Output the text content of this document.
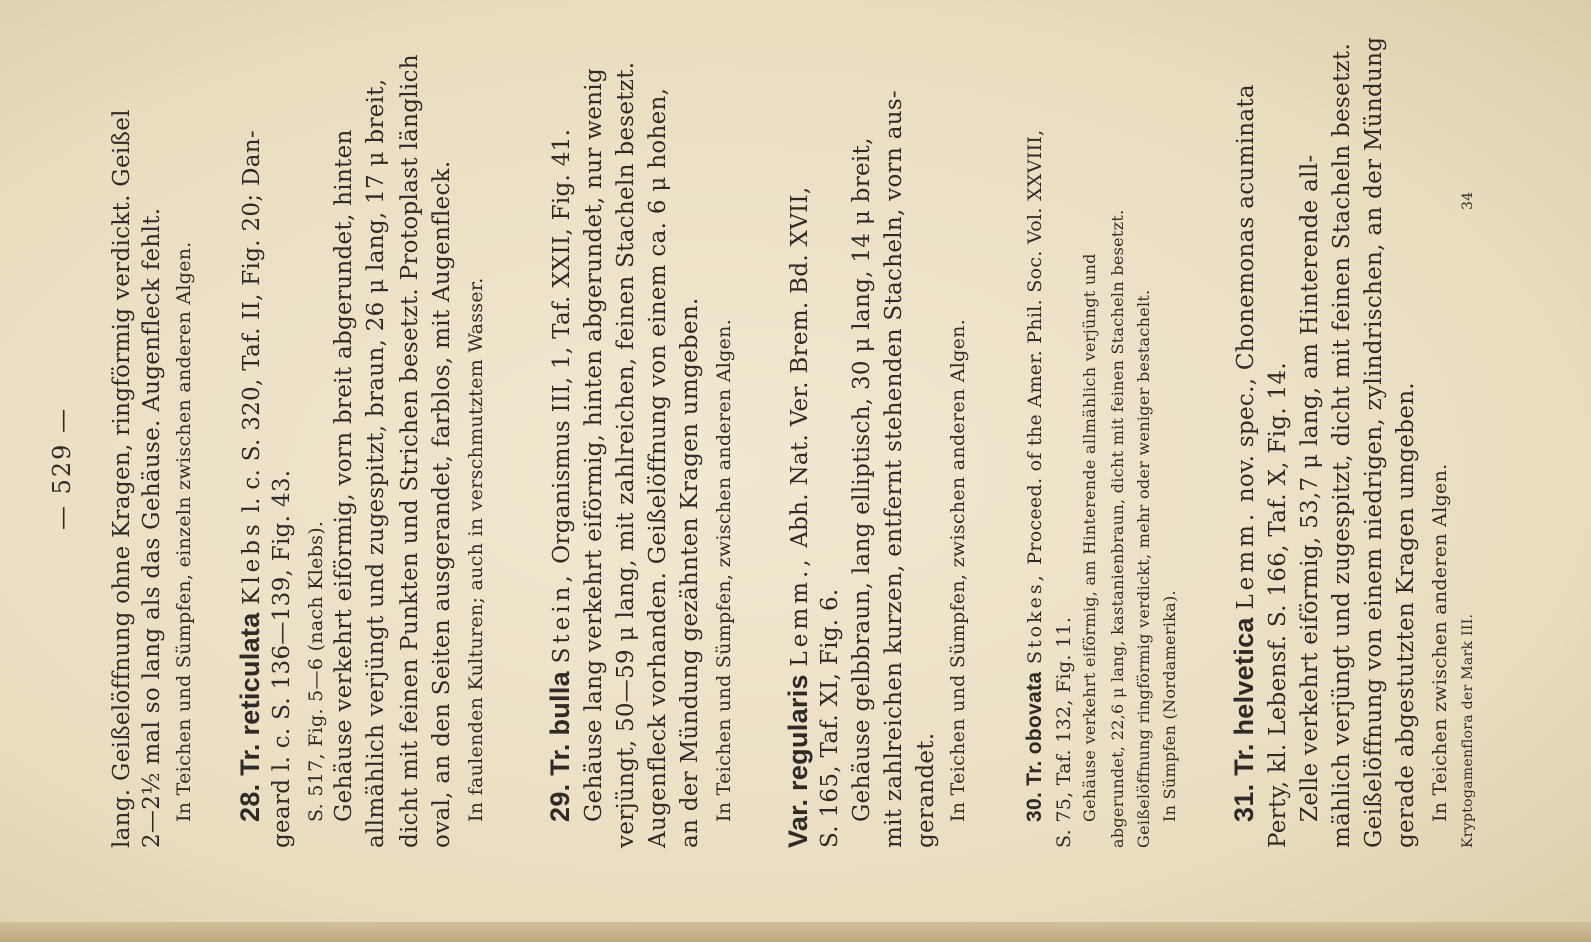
— 529 — lang. Geißelöffnung ohne Kragen, ringförmig verdickt. Geißel 2—2½ mal so lang als das Gehäuse. Augenfleck fehlt. In Teichen und Sümpfen, einzeln zwischen anderen Algen. 28. Tr. reticulata Klebs l. c. S. 320, Taf. II, Fig. 20; Dan-
geard l. c. S. 136—139, Fig. 43. S. 517, Fig. 5—6 (nach Klebs). Gehäuse verkehrt eiförmig, vorn breit abgerundet, hinten allmählich verjüngt und zugespitzt, braun, 26 μ lang, 17 μ breit, dicht mit feinen Punkten und Strichen besetzt. Protoplast länglich oval, an den Seiten ausgerandet, farblos, mit Augenfleck. In faulenden Kulturen; auch in verschmutztem Wasser. 29. Tr. bulla Stein, Organismus III, 1, Taf. XXII, Fig. 41. Gehäuse lang verkehrt eiförmig, hinten abgerundet, nur wenig verjüngt, 50—59 μ lang, mit zahlreichen, feinen Stacheln besetzt. Augenfleck vorhanden. Geißelöffnung von einem ca. 6 μ hohen, an der Mündung gezähnten Kragen umgeben. In Teichen und Sümpfen, zwischen anderen Algen. Var. regularis Lemm., Abh. Nat. Ver. Brem. Bd. XVII,
S. 165, Taf. XI, Fig. 6. Gehäuse gelbbraun, lang elliptisch, 30 μ lang, 14 μ breit, mit zahlreichen kurzen, entfernt stehenden Stacheln, vorn aus- gerandet. In Teichen und Sümpfen, zwischen anderen Algen.	30. Tr. obovata Stokes, Proceed. of the Amer. Phil. Soc. Vol. XXVIII,
S. 75, Taf. 132, Fig. 11. Gehäuse verkehrt eiförmig, am Hinterende allmählich verjüngt und abgerundet, 22,6 μ lang, kastanienbraun, dicht mit feinen Stacheln besetzt. Geißelöffnung ringförmig verdickt, mehr oder weniger bestachelt. In Sümpfen (Nordamerika). 31. Tr. helvetica Lemm. nov. spec., Chonemonas acuminata
Perty, kl. Lebensf. S. 166, Taf. X, Fig. 14. Zelle verkehrt eiförmig, 53,7 μ lang, am Hinterende all- mählich verjüngt und zugespitzt, dicht mit feinen Stacheln besetzt. Geißelöffnung von einem niedrigen, zylindrischen, an der Mündung gerade abgestutzten Kragen umgeben. In Teichen zwischen anderen Algen. Kryptogamenflora der Mark III.
34
